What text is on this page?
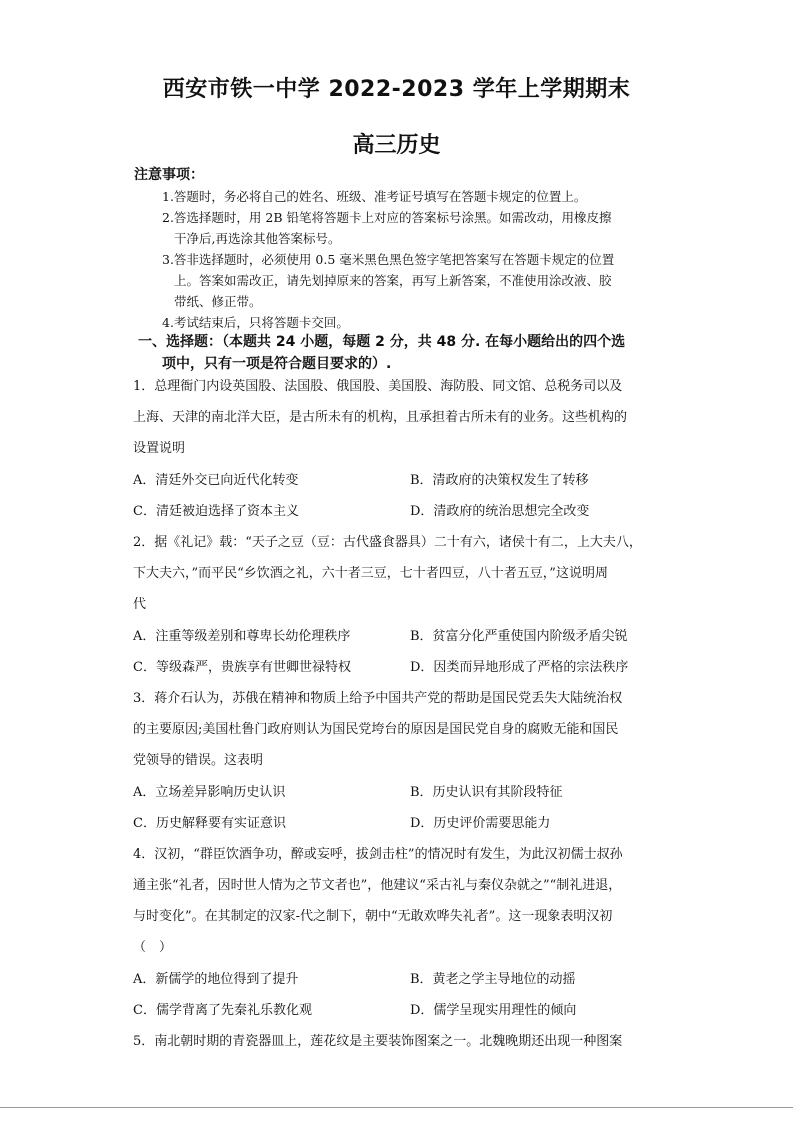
西安市铁一中学 2022-2023 学年上学期期末
高三历史
注意事项：
1.答题时，务必将自己的姓名、班级、准考证号填写在答题卡规定的位置上。
2.答选择题时，用 2B 铅笔将答题卡上对应的答案标号涂黑。如需改动，用橡皮擦
干净后,再选涂其他答案标号。
3.答非选择题时，必须使用 0.5 毫米黑色黑色签字笔把答案写在答题卡规定的位置
上。答案如需改正，请先划掉原来的答案，再写上新答案，不准使用涂改液、胶
带纸、修正带。
4.考试结束后，只将答题卡交回。
一、选择题：（本题共 24 小题，每题 2 分，共 48 分. 在每小题给出的四个选
项中，只有一项是符合题目要求的）.
1．总理衙门内设英国股、法国股、俄国股、美国股、海防股、同文馆、总税务司以及
上海、天津的南北洋大臣，是古所未有的机构，且承担着古所未有的业务。这些机构的
设置说明
A．清廷外交已向近代化转变	B．清政府的决策权发生了转移
C．清廷被迫选择了资本主义	D．清政府的统治思想完全改变
2．据《礼记》载：“天子之豆（豆：古代盛食器具）二十有六，诸侯十有二，上大夫八，
下大夫六，”而平民“乡饮酒之礼，六十者三豆，七十者四豆，八十者五豆，”这说明周
代
A．注重等级差别和尊卑长幼伦理秩序	B．贫富分化严重使国内阶级矛盾尖锐
C．等级森严，贵族享有世卿世禄特权	D．因类而异地形成了严格的宗法秩序
3．蒋介石认为，苏俄在精神和物质上给予中国共产党的帮助是国民党丢失大陆统治权
的主要原因;美国杜鲁门政府则认为国民党垮台的原因是国民党自身的腐败无能和国民
党领导的错误。这表明
A．立场差异影响历史认识	B．历史认识有其阶段特征
C．历史解释要有实证意识	D．历史评价需要思能力
4．汉初，“群臣饮酒争功，醉或妄呼，拔剑击柱”的情况时有发生，为此汉初儒士叔孙
通主张“礼者，因时世人情为之节文者也”，他建议“采古礼与秦仪杂就之”“制礼进退，
与时变化”。在其制定的汉家-代之制下，朝中“无敢欢哗失礼者”。这一现象表明汉初
（　）
A．新儒学的地位得到了提升	B．黄老之学主导地位的动摇
C．儒学背离了先秦礼乐教化观	D．儒学呈现实用理性的倾向
5．南北朝时期的青瓷器皿上，莲花纹是主要装饰图案之一。北魏晚期还出现一种图案
